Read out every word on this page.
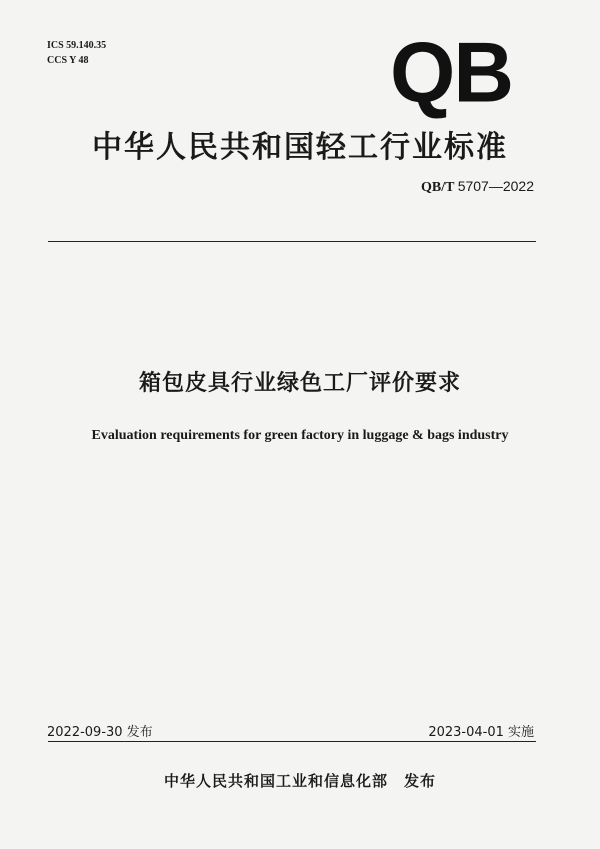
ICS 59.140.35
CCS Y 48	QB
中华人民共和国轻工行业标准
QB/T 5707—2022
箱包皮具行业绿色工厂评价要求
Evaluation requirements for green factory in luggage & bags industry
2022-09-30 发布	2023-04-01 实施
中华人民共和国工业和信息化部 发布
